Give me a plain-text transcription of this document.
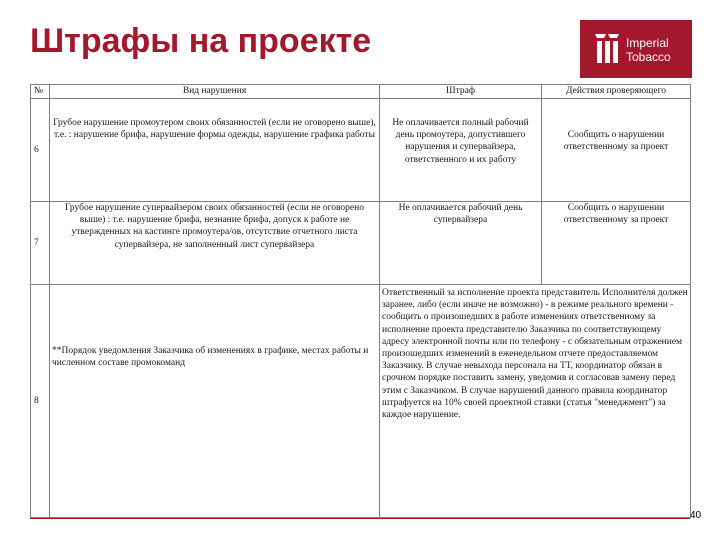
Штрафы на проекте	Imperial
Tobacco
№	Вид нарушения	Штраф	Действия проверяющего
6	Грубое нарушение промоутером своих обязанностей (если не оговорено выше), т.е. : нарушение брифа, нарушение формы одежды, нарушение графика работы	Не оплачивается полный рабочий день промоутера, допустившего нарушения и супервайзера, ответственного и их работу	Сообщить о нарушении ответственному за проект
7	Грубое нарушение супервайзером своих обязанностей (если не оговорено выше) : т.е. нарушение брифа, незнание брифа, допуск к работе не утвержденных на кастинге промоутера/ов, отсутствие отчетного листа супервайзера, не заполненный лист супервайзера	Не оплачивается рабочий день супервайзера	Сообщить о нарушении ответственному за проект
8	**Порядок уведомления Заказчика об изменениях в графике, местах работы и численном составе промокоманд	Ответственный за исполнение проекта представитель Исполнителя должен заранее, либо (если иначе не возможно) - в режиме реального времени - сообщить о произошедших в работе изменениях ответственному за исполнение проекта представителю Заказчика по соответствующему адресу электронной почты или по телефону - с обязательным отражением произошедших изменений в еженедельном отчете предоставляемом Заказчику. В случае невыхода персонала на ТТ, координатор обязан в срочном порядке поставить замену, уведомив и согласовав замену перед этим с Заказчиком. В случае нарушений данного правила координатор штрафуется на 10% своей проектной ставки (статья "менеджмент") за каждое нарушение.	
40
